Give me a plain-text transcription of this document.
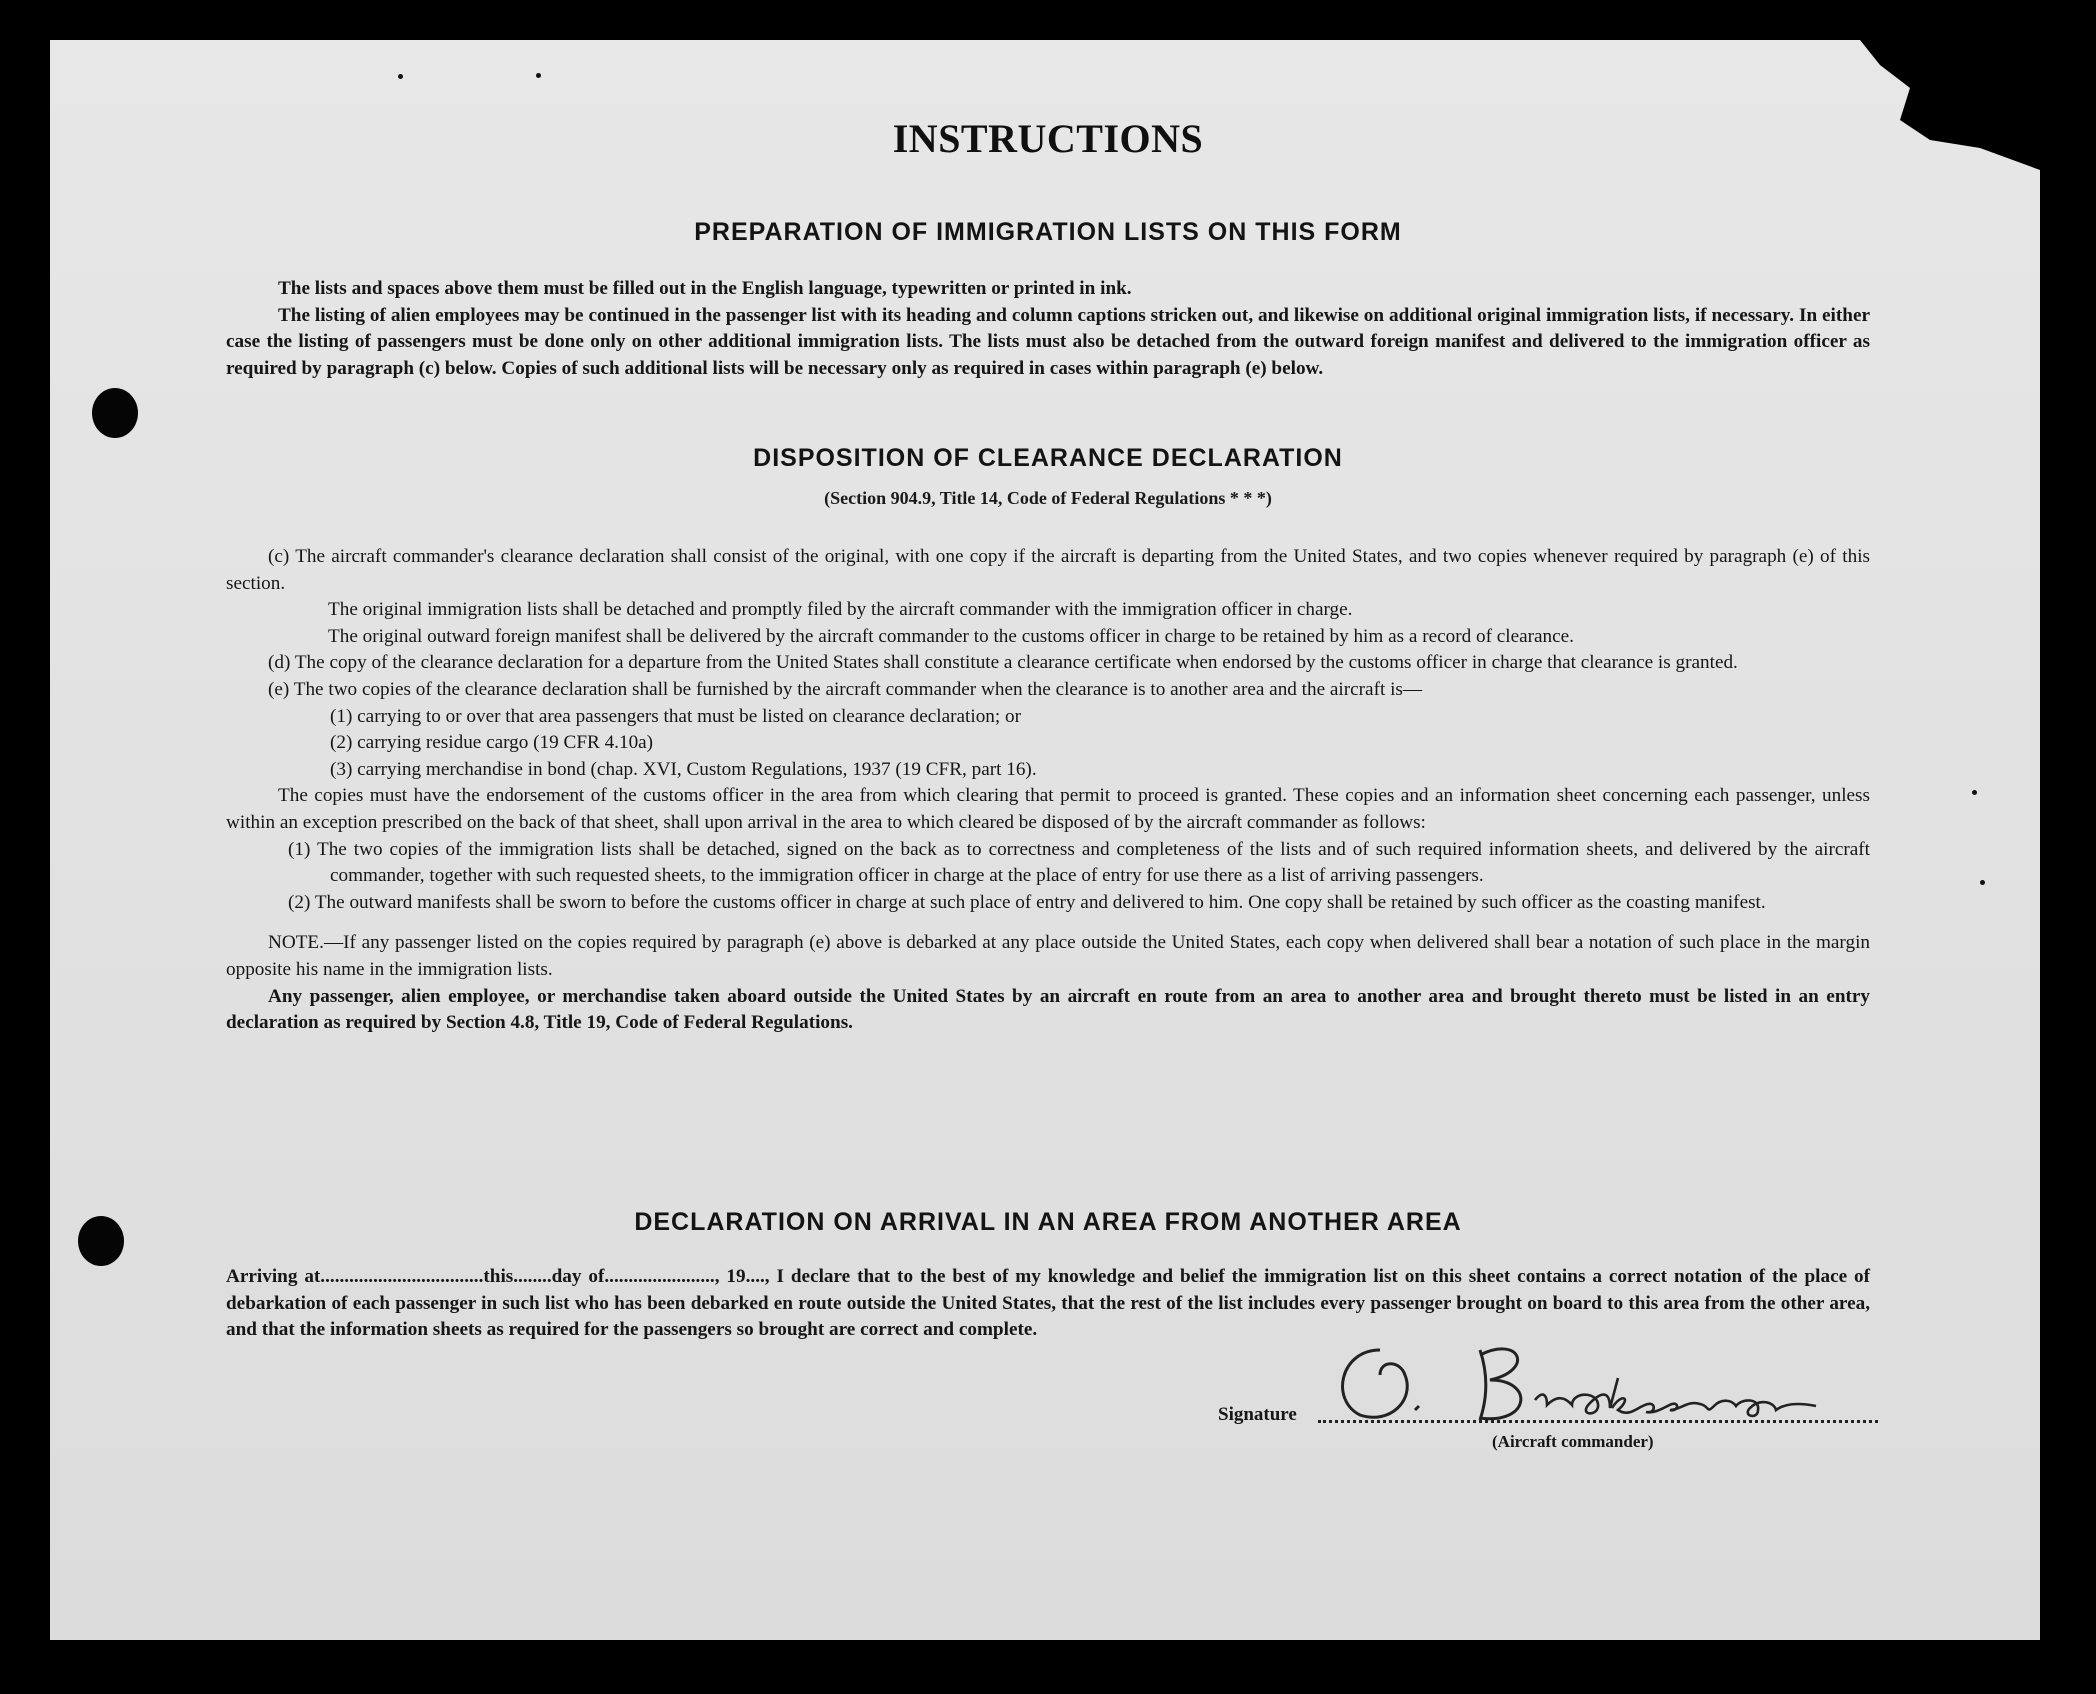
INSTRUCTIONS
PREPARATION OF IMMIGRATION LISTS ON THIS FORM

The lists and spaces above them must be filled out in the English language, typewritten or printed in ink.

The listing of alien employees may be continued in the passenger list with its heading and column captions stricken out, and likewise on additional original immigration lists, if necessary. In either case the listing of passengers must be done only on other additional immigration lists. The lists must also be detached from the outward foreign manifest and delivered to the immigration officer as required by paragraph (c) below. Copies of such additional lists will be necessary only as required in cases within paragraph (e) below.

DISPOSITION OF CLEARANCE DECLARATION
(Section 904.9, Title 14, Code of Federal Regulations * * *)

(c) The aircraft commander's clearance declaration shall consist of the original, with one copy if the aircraft is departing from the United States, and two copies whenever required by paragraph (e) of this section.

The original immigration lists shall be detached and promptly filed by the aircraft commander with the immigration officer in charge.

The original outward foreign manifest shall be delivered by the aircraft commander to the customs officer in charge to be retained by him as a record of clearance.

(d) The copy of the clearance declaration for a departure from the United States shall constitute a clearance certificate when endorsed by the customs officer in charge that clearance is granted.

(e) The two copies of the clearance declaration shall be furnished by the aircraft commander when the clearance is to another area and the aircraft is—

(1) carrying to or over that area passengers that must be listed on clearance declaration; or

(2) carrying residue cargo (19 CFR 4.10a)

(3) carrying merchandise in bond (chap. XVI, Custom Regulations, 1937 (19 CFR, part 16).

The copies must have the endorsement of the customs officer in the area from which clearing that permit to proceed is granted. These copies and an information sheet concerning each passenger, unless within an exception prescribed on the back of that sheet, shall upon arrival in the area to which cleared be disposed of by the aircraft commander as follows:

(1) The two copies of the immigration lists shall be detached, signed on the back as to correctness and completeness of the lists and of such required information sheets, and delivered by the aircraft commander, together with such requested sheets, to the immigration officer in charge at the place of entry for use there as a list of arriving passengers.

(2) The outward manifests shall be sworn to before the customs officer in charge at such place of entry and delivered to him. One copy shall be retained by such officer as the coasting manifest.

NOTE.—If any passenger listed on the copies required by paragraph (e) above is debarked at any place outside the United States, each copy when delivered shall bear a notation of such place in the margin opposite his name in the immigration lists.

Any passenger, alien employee, or merchandise taken aboard outside the United States by an aircraft en route from an area to another area and brought thereto must be listed in an entry declaration as required by Section 4.8, Title 19, Code of Federal Regulations.

DECLARATION ON ARRIVAL IN AN AREA FROM ANOTHER AREA

Arriving at..................................this........day of......................., 19...., I declare that to the best of my knowledge and belief the immigration list on this sheet contains a correct notation of the place of debarkation of each passenger in such list who has been debarked en route outside the United States, that the rest of the list includes every passenger brought on board to this area from the other area, and that the information sheets as required for the passengers so brought are correct and complete.

Signature
(Aircraft commander)
